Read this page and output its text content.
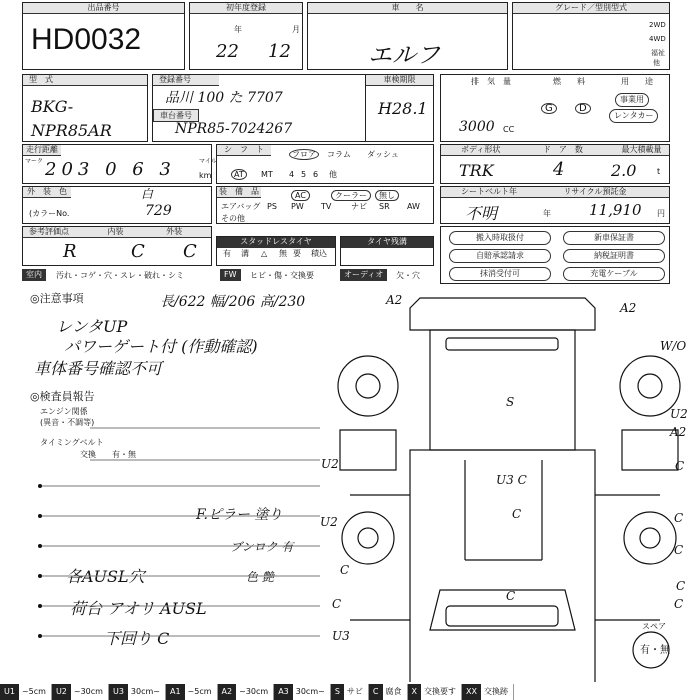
出品番号
HD0032
初年度登録
年	月
22 12
車　　名
エルフ
グレード／型別型式
2WD
4WD
福祉
他
型　式
BKG-NPR85AR
登録番号
品川 100 た 7707
車台番号
NPR85-7024267
車検期限
H28.1
排　気　量	燃　　料	用　　途
3000 CC
G	D
事業用
レンタカー
走行距離
マーク 203 0 6 3	マイル
km
シ　フ　ト
フロア	コラム ダッシュ
AT	MT 4 5 6 他
ボディ形状	ド　ア　数	最大積載量
TRK	4	2.0	t
外　装　色	白
(カラーNo.	729
装　備　品	AC	クーラー	無し
エアバッグ PS PW TV ナビ SR AW
その他
シートベルト年	リサイクル預託金
不明	年	11,910 円
参考評価点	内装	外装
R	C C	スタッドレスタイヤ
有 溝 △ 無 要 積込
タイヤ残溝	搬入時取扱付	新車保証書
自賠承認請求	納税証明書
抹消受付可	充電ケーブル
室内	汚れ・コゲ・穴・スレ・破れ・シミ	FW	ヒビ・傷・交換要	オーディオ	欠・穴
◎注意事項	長/622 幅/206 高/230
レンタUP
パワーゲート付 (作動確認)
車体番号確認不可
◎検査員報告
エンジン関係
(異音・不調等)
タイミングベルト
交換 有・無
F.ピラー 塗り
ブンロク 有
各AUSL穴	色 艶
荷台 アオリ AUSL
下回り C
A2
A2
U2
A2
U2
S
U3 C
C
C
C
C
U3
C	C
C
U2
C
C
W/O
スペア
有・無
U1 ~5cm	U2 ~30cm	U3 30cm~	A1 ~5cm	A2 ~30cm	A3 30cm~	S サビ	C 腐食	X 交換要す	XX 交換跡
